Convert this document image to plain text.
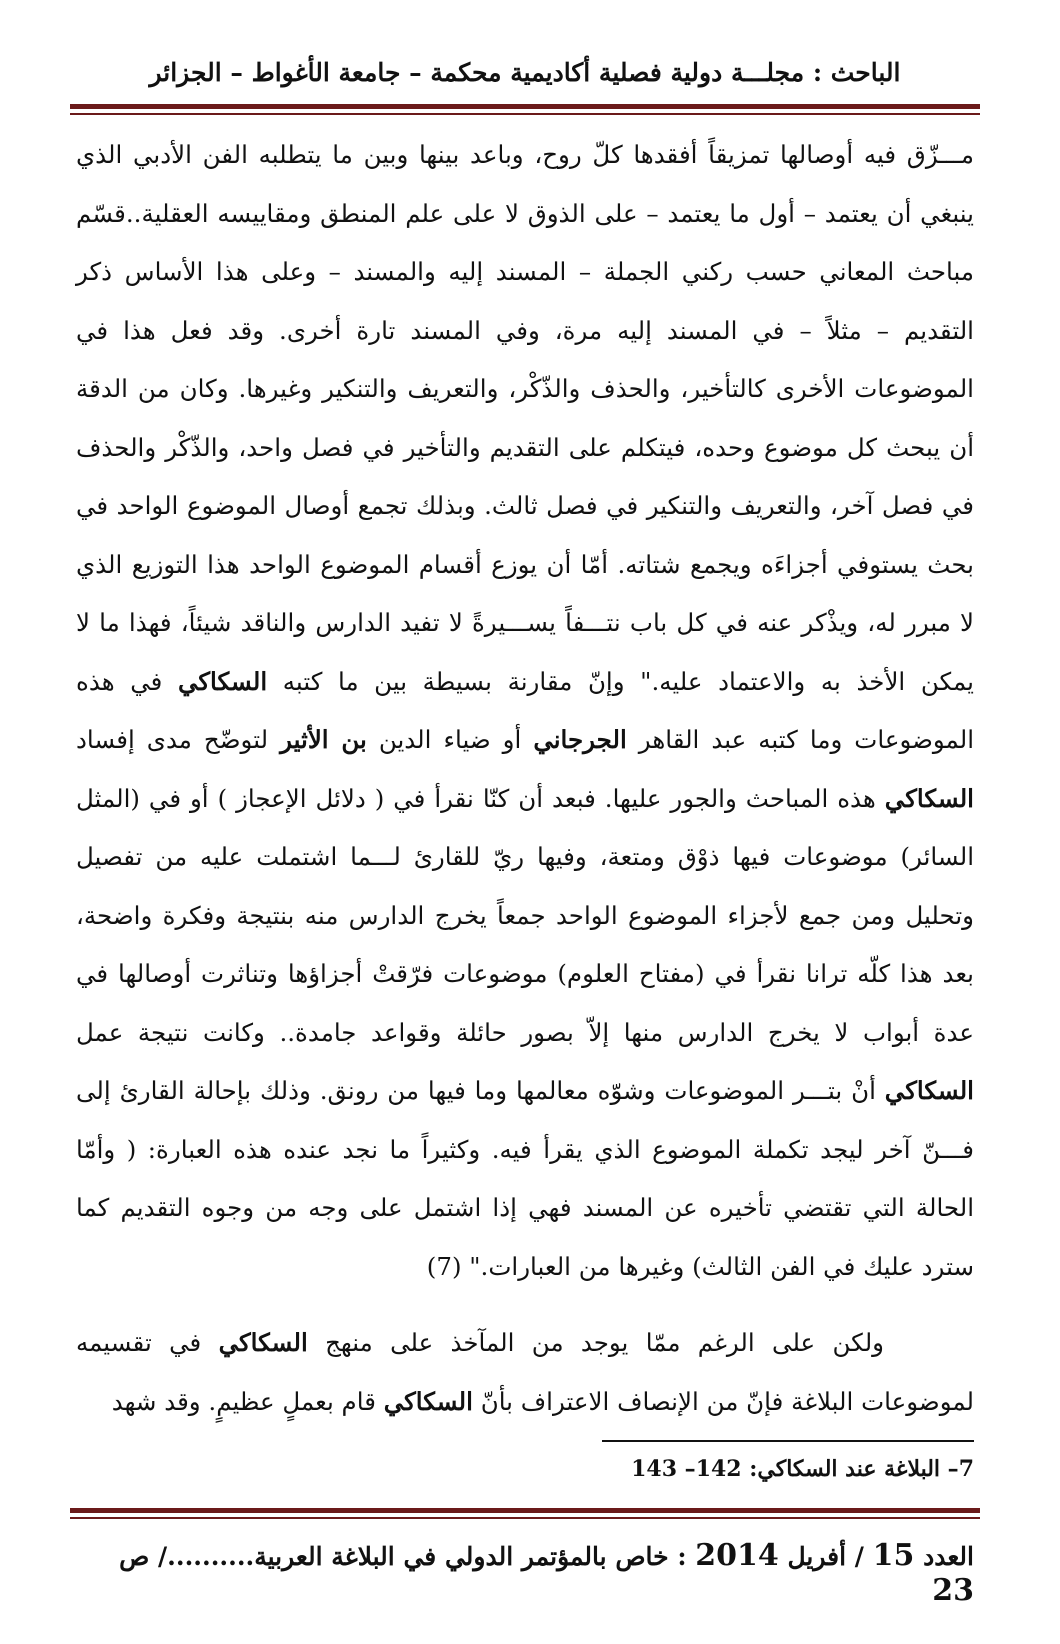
الباحث : مجلـــة دولية فصلية أكاديمية محكمة – جامعة الأغواط – الجزائر

مـــزّق فيه أوصالها تمزيقاً أفقدها كلّ روح، وباعد بينها وبين ما يتطلبه الفن الأدبي الذي ينبغي أن يعتمد – أول ما يعتمد – على الذوق لا على علم المنطق ومقاييسه العقلية..قسّم مباحث المعاني حسب ركني الجملة – المسند إليه والمسند – وعلى هذا الأساس ذكر التقديم – مثلاً – في المسند إليه مرة، وفي المسند تارة أخرى. وقد فعل هذا في الموضوعات الأخرى كالتأخير، والحذف والذّكْر، والتعريف والتنكير وغيرها. وكان من الدقة أن يبحث كل موضوع وحده، فيتكلم على التقديم والتأخير في فصل واحد، والذّكْر والحذف في فصل آخر، والتعريف والتنكير في فصل ثالث. وبذلك تجمع أوصال الموضوع الواحد في بحث يستوفي أجزاءَه ويجمع شتاته. أمّا أن يوزع أقسام الموضوع الواحد هذا التوزيع الذي لا مبرر له، ويذْكر عنه في كل باب نتـــفاً يســـيرةً لا تفيد الدارس والناقد شيئاً، فهذا ما لا يمكن الأخذ به والاعتماد عليه." وإنّ مقارنة بسيطة بين ما كتبه السكاكي في هذه الموضوعات وما كتبه عبد القاهر الجرجاني أو ضياء الدين بن الأثير لتوضّح مدى إفساد السكاكي هذه المباحث والجور عليها. فبعد أن كنّا نقرأ في ( دلائل الإعجاز ) أو في (المثل السائر) موضوعات فيها ذوْق ومتعة، وفيها ريّ للقارئ لـــما اشتملت عليه من تفصيل وتحليل ومن جمع لأجزاء الموضوع الواحد جمعاً يخرج الدارس منه بنتيجة وفكرة واضحة، بعد هذا كلّه ترانا نقرأ في (مفتاح العلوم) موضوعات فرّقتْ أجزاؤها وتناثرت أوصالها في عدة أبواب لا يخرج الدارس منها إلاّ بصور حائلة وقواعد جامدة.. وكانت نتيجة عمل السكاكي أنْ بتـــر الموضوعات وشوّه معالمها وما فيها من رونق. وذلك بإحالة القارئ إلى فـــنّ آخر ليجد تكملة الموضوع الذي يقرأ فيه. وكثيراً ما نجد عنده هذه العبارة: ( وأمّا الحالة التي تقتضي تأخيره عن المسند فهي إذا اشتمل على وجه من وجوه التقديم كما سترد عليك في الفن الثالث) وغيرها من العبارات." (7)

ولكن على الرغم ممّا يوجد من المآخذ على منهج السكاكي في تقسيمه لموضوعات البلاغة فإنّ من الإنصاف الاعتراف بأنّ السكاكي قام بعملٍ عظيمٍ. وقد شهد

7– البلاغة عند السكاكي: 142– 143
العدد 15 / أفريل 2014 : خاص بالمؤتمر الدولي في البلاغة العربية........../ ص 23
